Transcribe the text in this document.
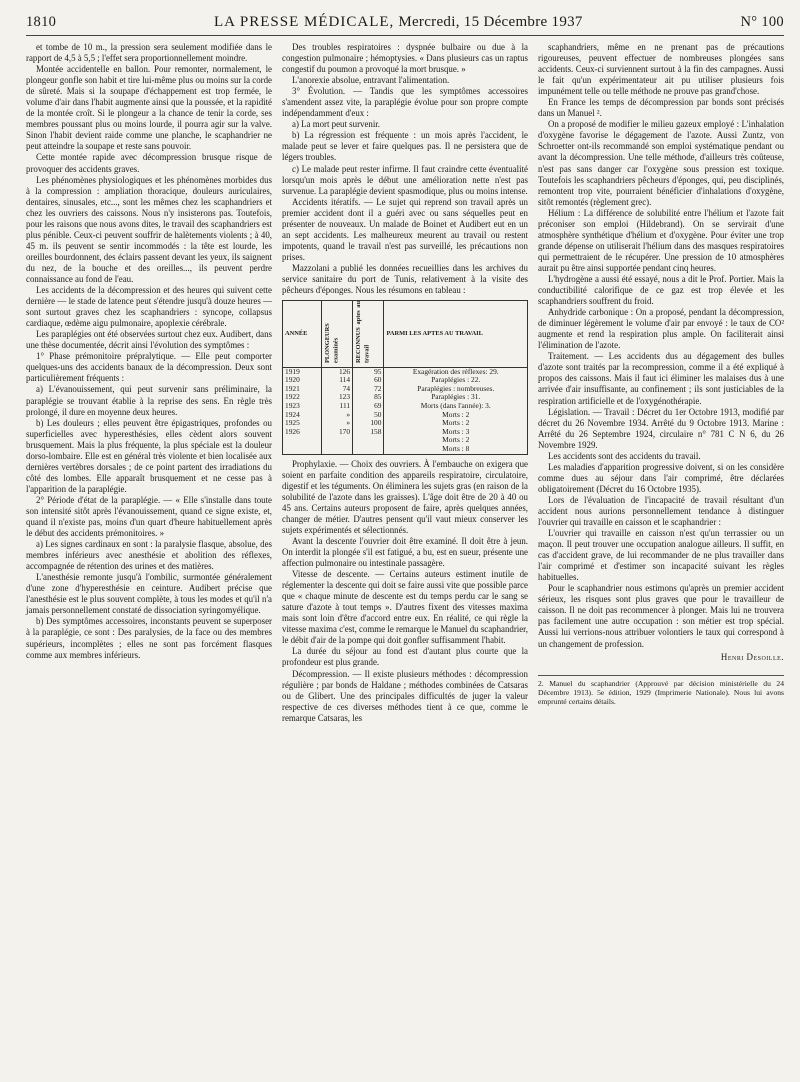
1810	LA PRESSE MÉDICALE, Mercredi, 15 Décembre 1937	N° 100

et tombe de 10 m., la pression sera seulement modifiée dans le rapport de 4,5 à 5,5 ; l'effet sera proportionnellement moindre.

Montée accidentelle en ballon. Pour remonter, normalement, le plongeur gonfle son habit et tire lui-même plus ou moins sur la corde de sûreté. Mais si la soupape d'échappement est trop fermée, le volume d'air dans l'habit augmente ainsi que la poussée, et la rapidité de la montée croît. Si le plongeur a la chance de tenir la corde, ses membres poussant plus ou moins lourde, il pourra agir sur la valve. Sinon l'habit devient raide comme une planche, le scaphandrier ne peut atteindre la soupape et reste sans pouvoir.

Cette montée rapide avec décompression brusque risque de provoquer des accidents graves.

Les phénomènes physiologiques et les phénomènes morbides dus à la compression : ampliation thoracique, douleurs auriculaires, dentaires, sinusales, etc..., sont les mêmes chez les scaphandriers et chez les ouvriers des caissons. Nous n'y insisterons pas. Toutefois, pour les raisons que nous avons dites, le travail des scaphandriers est plus pénible. Ceux-ci peuvent souffrir de halètements violents ; à 40, 45 m. ils peuvent se sentir incommodés : la tête est lourde, les oreilles bourdonnent, des éclairs passent devant les yeux, ils saignent du nez, de la bouche et des oreilles..., ils peuvent perdre connaissance au fond de l'eau.

Les accidents de la décompression et des heures qui suivent cette dernière — le stade de latence peut s'étendre jusqu'à douze heures — sont surtout graves chez les scaphandriers : syncope, collapsus cardiaque, œdème aigu pulmonaire, apoplexie cérébrale.

Les paraplégies ont été observées surtout chez eux. Audibert, dans une thèse documentée, décrit ainsi l'évolution des symptômes :

1° Phase prémonitoire prépralytique. — Elle peut comporter quelques-uns des accidents banaux de la décompression. Deux sont particulièrement fréquents :

a) L'évanouissement, qui peut survenir sans préliminaire, la paraplégie se trouvant établie à la reprise des sens. En règle très prolongé, il dure en moyenne deux heures.

b) Les douleurs ; elles peuvent être épigastriques, profondes ou superficielles avec hyperesthésies, elles cèdent alors souvent brusquement. Mais la plus fréquente, la plus spéciale est la douleur dorso-lombaire. Elle est en général très violente et bien localisée aux dernières vertèbres dorsales ; de ce point partent des irradiations du côté des lombes. Elle apparaît brusquement et ne cesse pas à l'apparition de la paraplégie.

2° Période d'état de la paraplégie. — « Elle s'installe dans toute son intensité sitôt après l'évanouissement, quand ce signe existe, et, quand il n'existe pas, moins d'un quart d'heure habituellement après le début des accidents prémonitoires. »

a) Les signes cardinaux en sont : la paralysie flasque, absolue, des membres inférieurs avec anesthésie et abolition des réflexes, accompagnée de rétention des urines et des matières.

L'anesthésie remonte jusqu'à l'ombilic, surmontée généralement d'une zone d'hyperesthésie en ceinture. Audibert précise que l'anesthésie est le plus souvent complète, à tous les modes et qu'il n'a jamais personnellement constaté de dissociation syringomyélique.

b) Des symptômes accessoires, inconstants peuvent se superposer à la paraplégie, ce sont : Des paralysies, de la face ou des membres supérieurs, incomplètes ; elles ne sont pas forcément flasques comme aux membres inférieurs.

Des troubles respiratoires : dyspnée bulbaire ou due à la congestion pulmonaire ; hémoptysies. « Dans plusieurs cas un raptus congestif du poumon a provoqué la mort brusque. »

L'anorexie absolue, entravant l'alimentation.

3° Évolution. — Tandis que les symptômes accessoires s'amendent assez vite, la paraplégie évolue pour son propre compte indépendamment d'eux :

a) La mort peut survenir.

b) La régression est fréquente : un mois après l'accident, le malade peut se lever et faire quelques pas. Il ne persistera que de légers troubles.

c) Le malade peut rester infirme. Il faut craindre cette éventualité lorsqu'un mois après le début une amélioration nette n'est pas survenue. La paraplégie devient spasmodique, plus ou moins intense.

Accidents itératifs. — Le sujet qui reprend son travail après un premier accident dont il a guéri avec ou sans séquelles peut en présenter de nouveaux. Un malade de Boinet et Audibert eut en un an sept accidents. Les malheureux meurent au travail ou restent impotents, quand le travail n'est pas surveillé, les précautions non prises.

Mazzolani a publié les données recueillies dans les archives du service sanitaire du port de Tunis, relativement à la visite des pêcheurs d'éponges. Nous les résumons en tableau :

ANNÉE	PLONGEURS examinés	RECONNUS aptes au travail	PARMI LES APTES AU TRAVAIL
1919	126	95	Exagération des réflexes: 29.
1920	114	60	Paraplégies : 22.
1921	74	72	Paraplégies : nombreuses.
1922	123	85	Paraplégies : 31.
1923	111	69	Morts (dans l'année): 3.
1924	»	50	Morts : 2
1925	»	100	Morts : 2
1926	170	158	Morts : 3
			Morts : 2
			Morts : 8

Prophylaxie. — Choix des ouvriers. À l'embauche on exigera que soient en parfaite condition des appareils respiratoire, circulatoire, digestif et les téguments. On éliminera les sujets gras (en raison de la solubilité de l'azote dans les graisses). L'âge doit être de 20 à 40 ou 45 ans. Certains auteurs proposent de faire, après quelques années, changer de métier. D'autres pensent qu'il vaut mieux conserver les sujets expérimentés et sélectionnés.

Avant la descente l'ouvrier doit être examiné. Il doit être à jeun. On interdit la plongée s'il est fatigué, a bu, est en sueur, présente une affection pulmonaire ou intestinale passagère.

Vitesse de descente. — Certains auteurs estiment inutile de réglementer la descente qui doit se faire aussi vite que possible parce que « chaque minute de descente est du temps perdu car le sang se sature d'azote à tout temps ». D'autres fixent des vitesses maxima mais sont loin d'être d'accord entre eux. En réalité, ce qui règle la vitesse maxima c'est, comme le remarque le Manuel du scaphandrier, le débit d'air de la pompe qui doit gonfler suffisamment l'habit.

La durée du séjour au fond est d'autant plus courte que la profondeur est plus grande.

Décompression. — Il existe plusieurs méthodes : décompression régulière ; par bonds de Haldane ; méthodes combinées de Catsaras ou de Glibert. Une des principales difficultés de juger la valeur respective de ces diverses méthodes tient à ce que, comme le remarque Catsaras, les

scaphandriers, même en ne prenant pas de précautions rigoureuses, peuvent effectuer de nombreuses plongées sans accidents. Ceux-ci surviennent surtout à la fin des campagnes. Aussi le fait qu'un expérimentateur ait pu utiliser plusieurs fois impunément telle ou telle méthode ne prouve pas grand'chose.

En France les temps de décompression par bonds sont précisés dans un Manuel ².

On a proposé de modifier le milieu gazeux employé : L'inhalation d'oxygène favorise le dégagement de l'azote. Aussi Zuntz, von Schroetter ont-ils recommandé son emploi systématique pendant ou avant la décompression. Une telle méthode, d'ailleurs très coûteuse, n'est pas sans danger car l'oxygène sous pression est toxique. Toutefois les scaphandriers pêcheurs d'éponges, qui, peu disciplinés, remontent trop vite, pourraient bénéficier d'inhalations d'oxygène, sitôt remontés (règlement grec).

Hélium : La différence de solubilité entre l'hélium et l'azote fait préconiser son emploi (Hildebrand). On se servirait d'une atmosphère synthétique d'hélium et d'oxygène. Pour éviter une trop grande dépense on utiliserait l'hélium dans des masques respiratoires qui permettraient de le récupérer. Une pression de 10 atmosphères aurait pu être ainsi supportée pendant cinq heures.

L'hydrogène a aussi été essayé, nous a dit le Prof. Portier. Mais la conductibilité calorifique de ce gaz est trop élevée et les scaphandriers souffrent du froid.

Anhydride carbonique : On a proposé, pendant la décompression, de diminuer légèrement le volume d'air par envoyé : le taux de CO² augmente et rend la respiration plus ample. On faciliterait ainsi l'élimination de l'azote.

Traitement. — Les accidents dus au dégagement des bulles d'azote sont traités par la recompression, comme il a été expliqué à propos des caissons. Mais il faut ici éliminer les malaises dus à une arrivée d'air insuffisante, au confinement ; ils sont justiciables de la respiration artificielle et de l'oxygénothérapie.

Législation. — Travail : Décret du 1er Octobre 1913, modifié par décret du 26 Novembre 1934. Arrêté du 9 Octobre 1913. Marine : Arrêté du 26 Septembre 1924, circulaire n° 781 C N 6, du 26 Novembre 1929.

Les accidents sont des accidents du travail.

Les maladies d'apparition progressive doivent, si on les considère comme dues au séjour dans l'air comprimé, être déclarées obligatoirement (Décret du 16 Octobre 1935).

Lors de l'évaluation de l'incapacité de travail résultant d'un accident nous aurions personnellement tendance à distinguer l'ouvrier qui travaille en caisson et le scaphandrier :

L'ouvrier qui travaille en caisson n'est qu'un terrassier ou un maçon. Il peut trouver une occupation analogue ailleurs. Il suffit, en cas d'accident grave, de lui recommander de ne plus travailler dans l'air comprimé et d'estimer son incapacité suivant les règles habituelles.

Pour le scaphandrier nous estimons qu'après un premier accident sérieux, les risques sont plus graves que pour le travailleur de caisson. Il ne doit pas recommencer à plonger. Mais lui ne trouvera pas facilement une autre occupation : son métier est trop spécial. Aussi lui verrions-nous attribuer volontiers le taux qui correspond à un changement de profession.

Henri Desoille.
2. Manuel du scaphandrier (Approuvé par décision ministérielle du 24 Décembre 1913). 5e édition, 1929 (Imprimerie Nationale). Nous lui avons emprunté certains détails.
